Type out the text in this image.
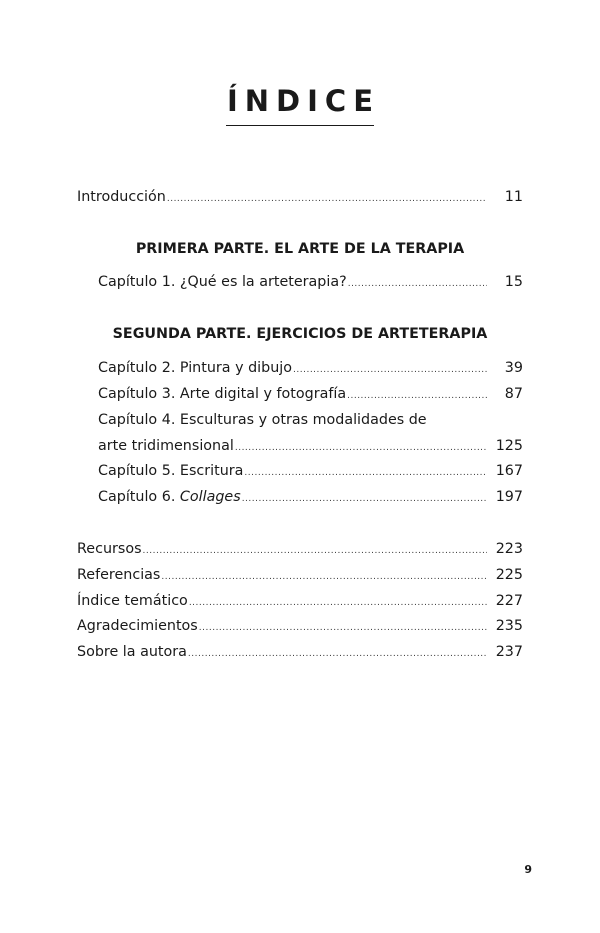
ÍNDICE
Introducción .....	11
PRIMERA PARTE. EL ARTE DE LA TERAPIA
Capítulo 1. ¿Qué es la arteterapia? .....	15
SEGUNDA PARTE. EJERCICIOS DE ARTETERAPIA
Capítulo 2. Pintura y dibujo .....	39
Capítulo 3. Arte digital y fotografía .....	87
Capítulo 4. Esculturas y otras modalidades de
arte tridimensional .....	125
Capítulo 5. Escritura .....	167
Capítulo 6. Collages .....	197
Recursos .....	223
Referencias .....	225
Índice temático .....	227
Agradecimientos .....	235
Sobre la autora .....	237
9
